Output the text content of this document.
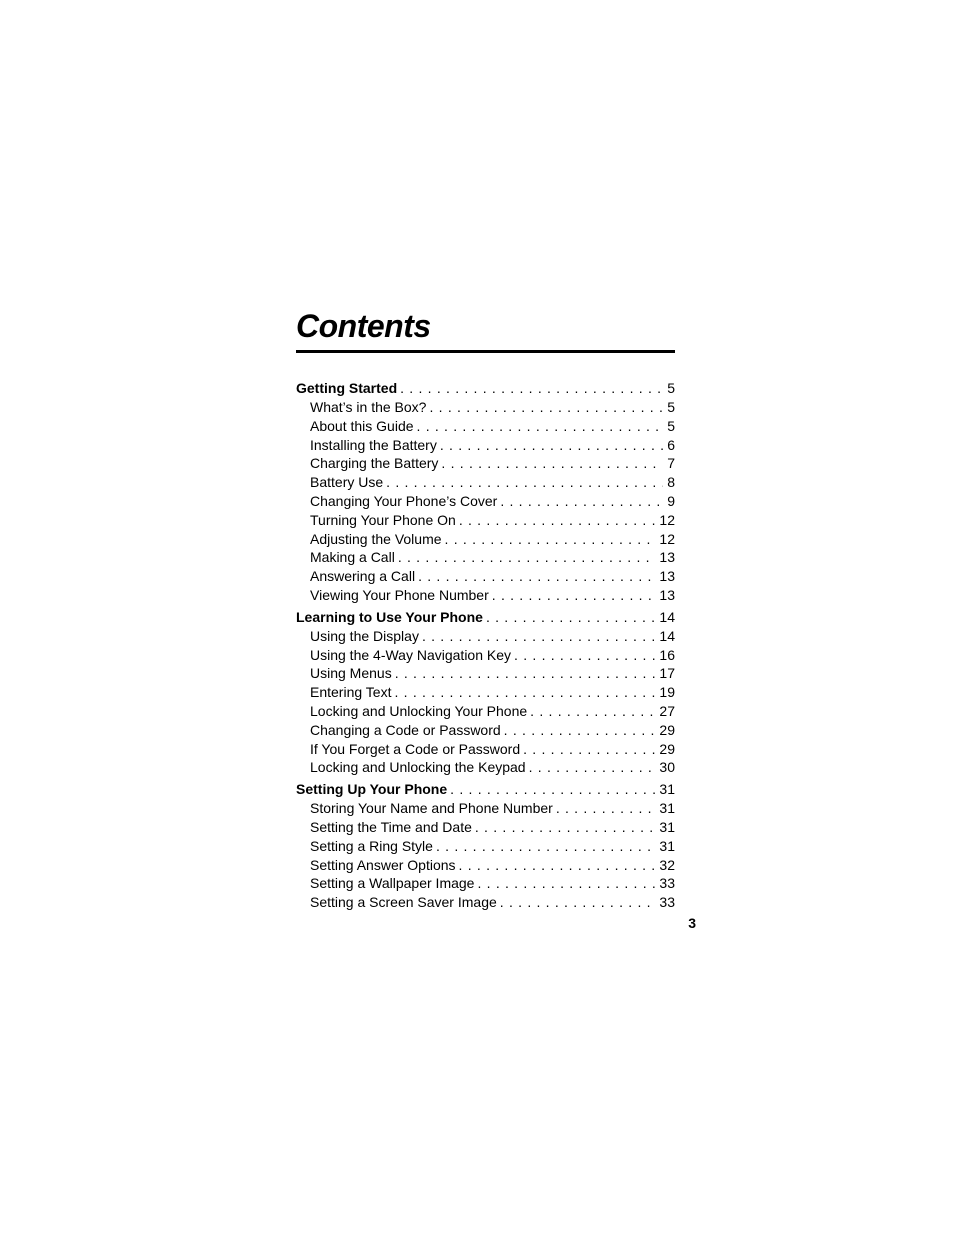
Contents
Getting Started . . .	5
What’s in the Box? . . .	5
About this Guide . . .	5
Installing the Battery . . .	6
Charging the Battery . . .	7
Battery Use . . .	8
Changing Your Phone’s Cover . . .	9
Turning Your Phone On . . .	12
Adjusting the Volume . . .	12
Making a Call . . .	13
Answering a Call . . .	13
Viewing Your Phone Number . . .	13
Learning to Use Your Phone . . .	14
Using the Display . . .	14
Using the 4-Way Navigation Key . . .	16
Using Menus . . .	17
Entering Text . . .	19
Locking and Unlocking Your Phone . . .	27
Changing a Code or Password . . .	29
If You Forget a Code or Password . . .	29
Locking and Unlocking the Keypad . . .	30
Setting Up Your Phone . . .	31
Storing Your Name and Phone Number . . .	31
Setting the Time and Date . . .	31
Setting a Ring Style . . .	31
Setting Answer Options . . .	32
Setting a Wallpaper Image . . .	33
Setting a Screen Saver Image . . .	33
3
